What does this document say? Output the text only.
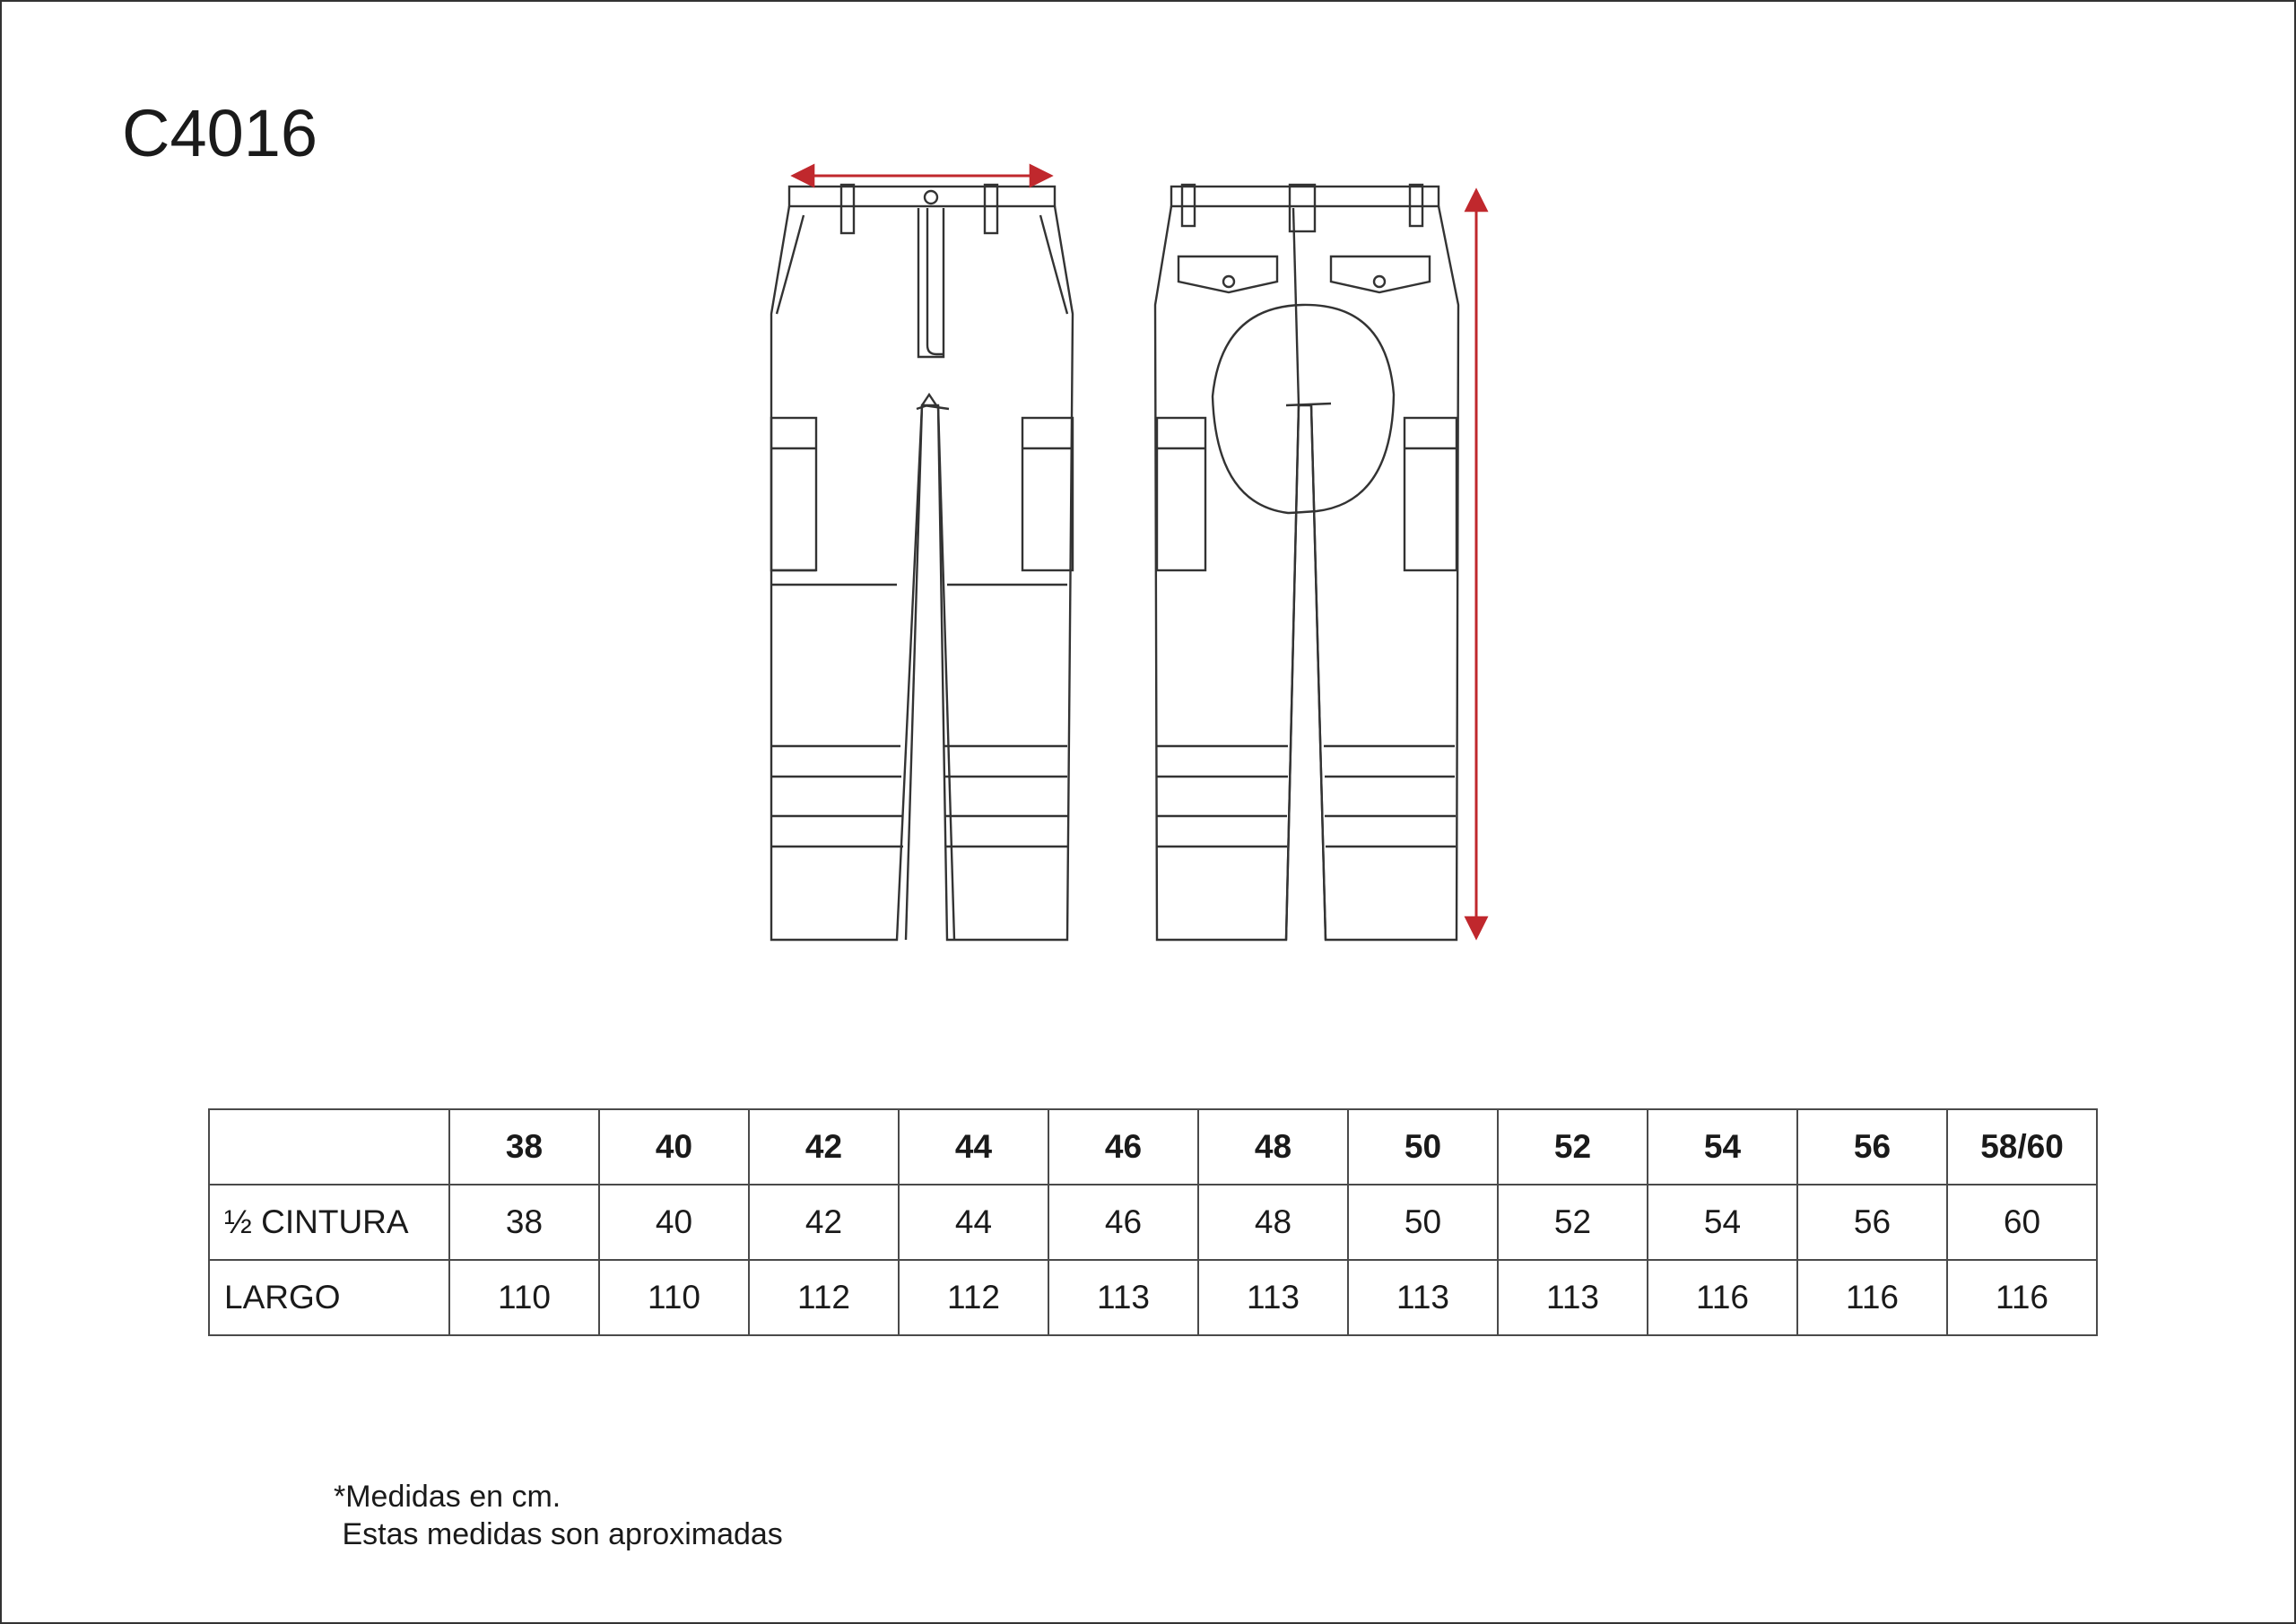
C4016
	38	40	42	44	46	48	50	52	54	56	58/60
½ CINTURA	38	40	42	44	46	48	50	52	54	56	60
LARGO	110	110	112	112	113	113	113	113	116	116	116
*Medidas en cm.
Estas medidas son aproximadas
